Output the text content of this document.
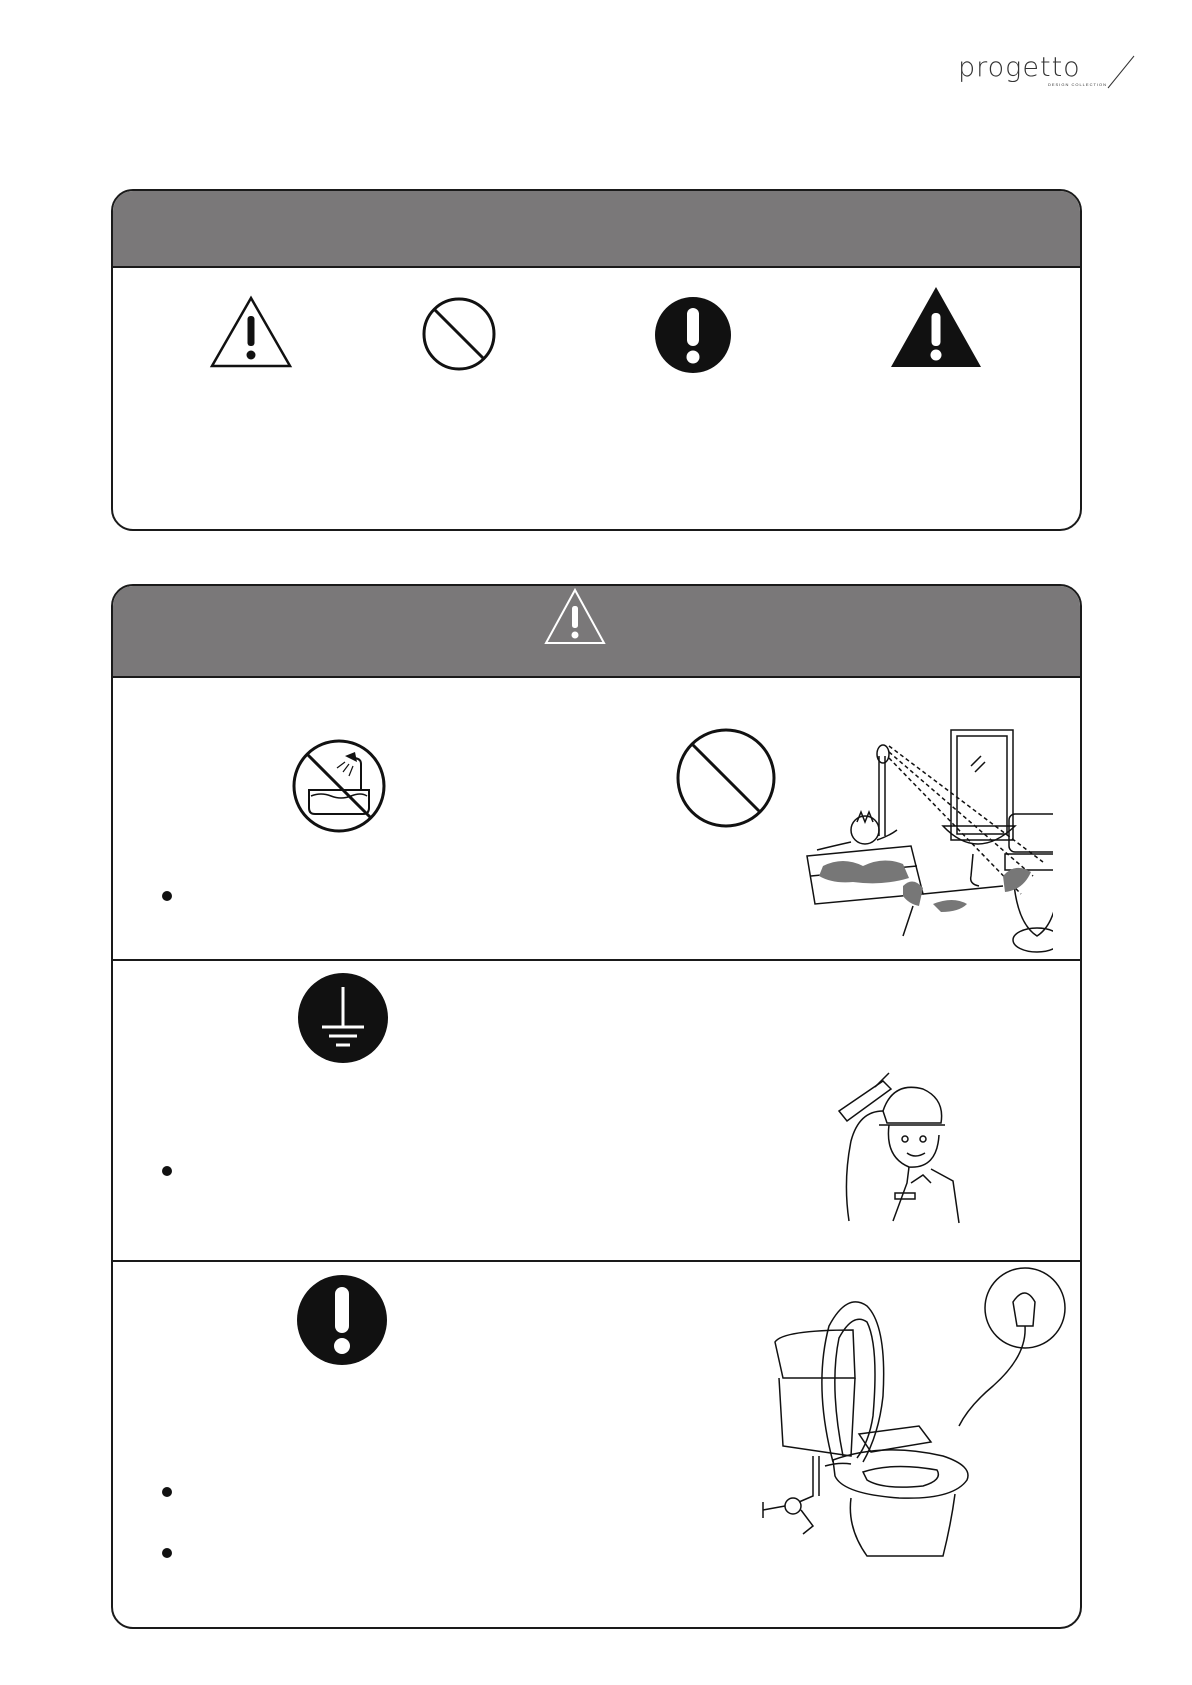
progetto
DESIGN COLLECTION
